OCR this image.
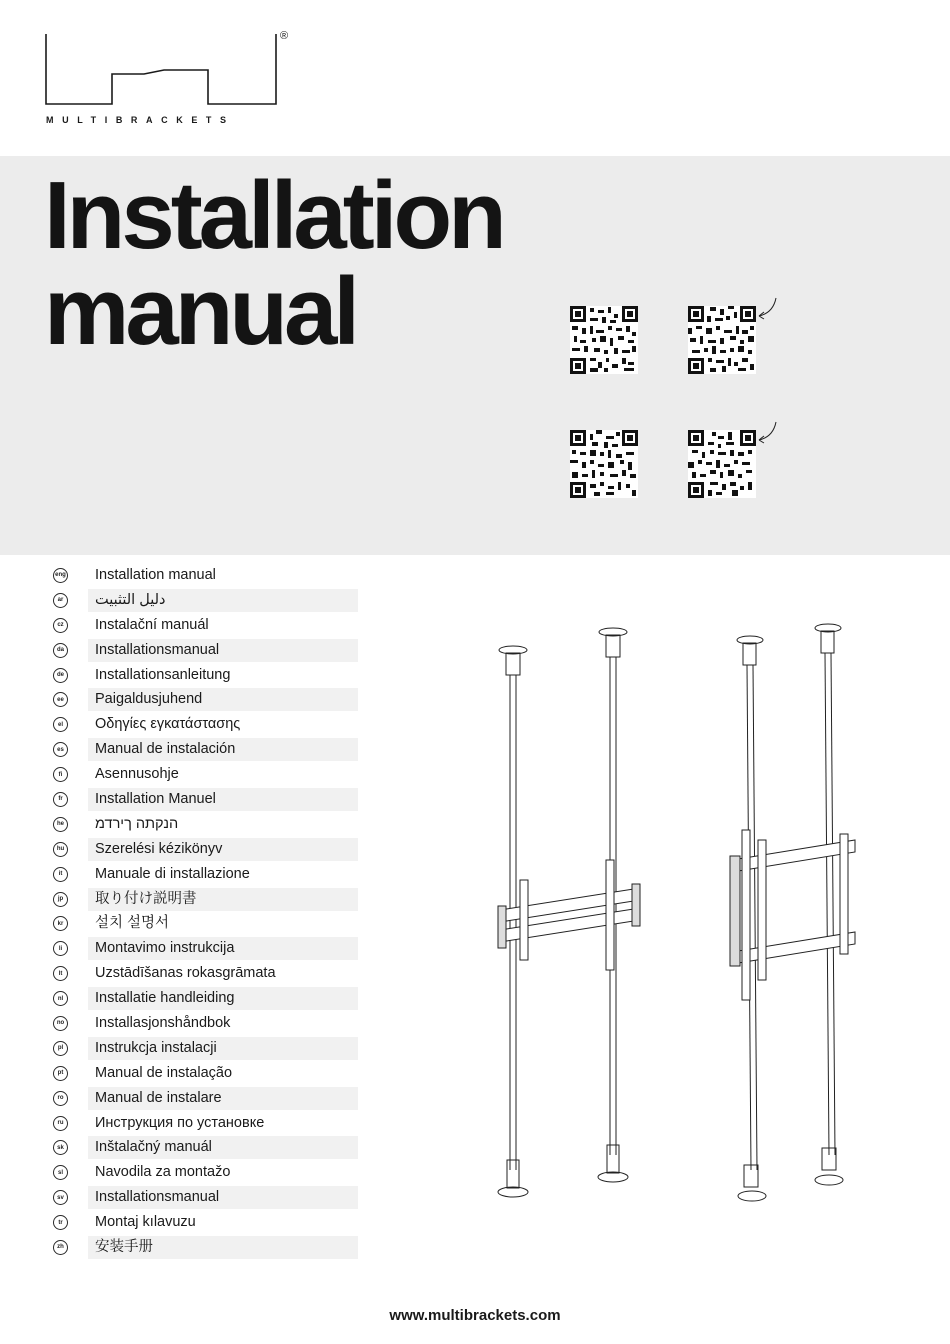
®
MULTIBRACKETS
Installation
manual
eng	Installation manual
ar	دليل التثبيت
cz	Instalační manuál
da	Installationsmanual
de	Installationsanleitung
ee	Paigaldusjuhend
el	Οδηγίες εγκατάστασης
es	Manual de instalación
fi	Asennusohje
fr	Installation Manuel
he	הנקתה ךירדמ
hu	Szerelési kézikönyv
it	Manuale di installazione
jp	取り付け説明書
kr	설치 설명서
li	Montavimo instrukcija
lt	Uzstādīšanas rokasgrāmata
nl	Installatie handleiding
no	Installasjonshåndbok
pl	Instrukcja instalacji
pt	Manual de instalação
ro	Manual de instalare
ru	Инструкция по установке
sk	Inštalačný manuál
sl	Navodila za montažo
sv	Installationsmanual
tr	Montaj kılavuzu
zh	安装手册
www.multibrackets.com
